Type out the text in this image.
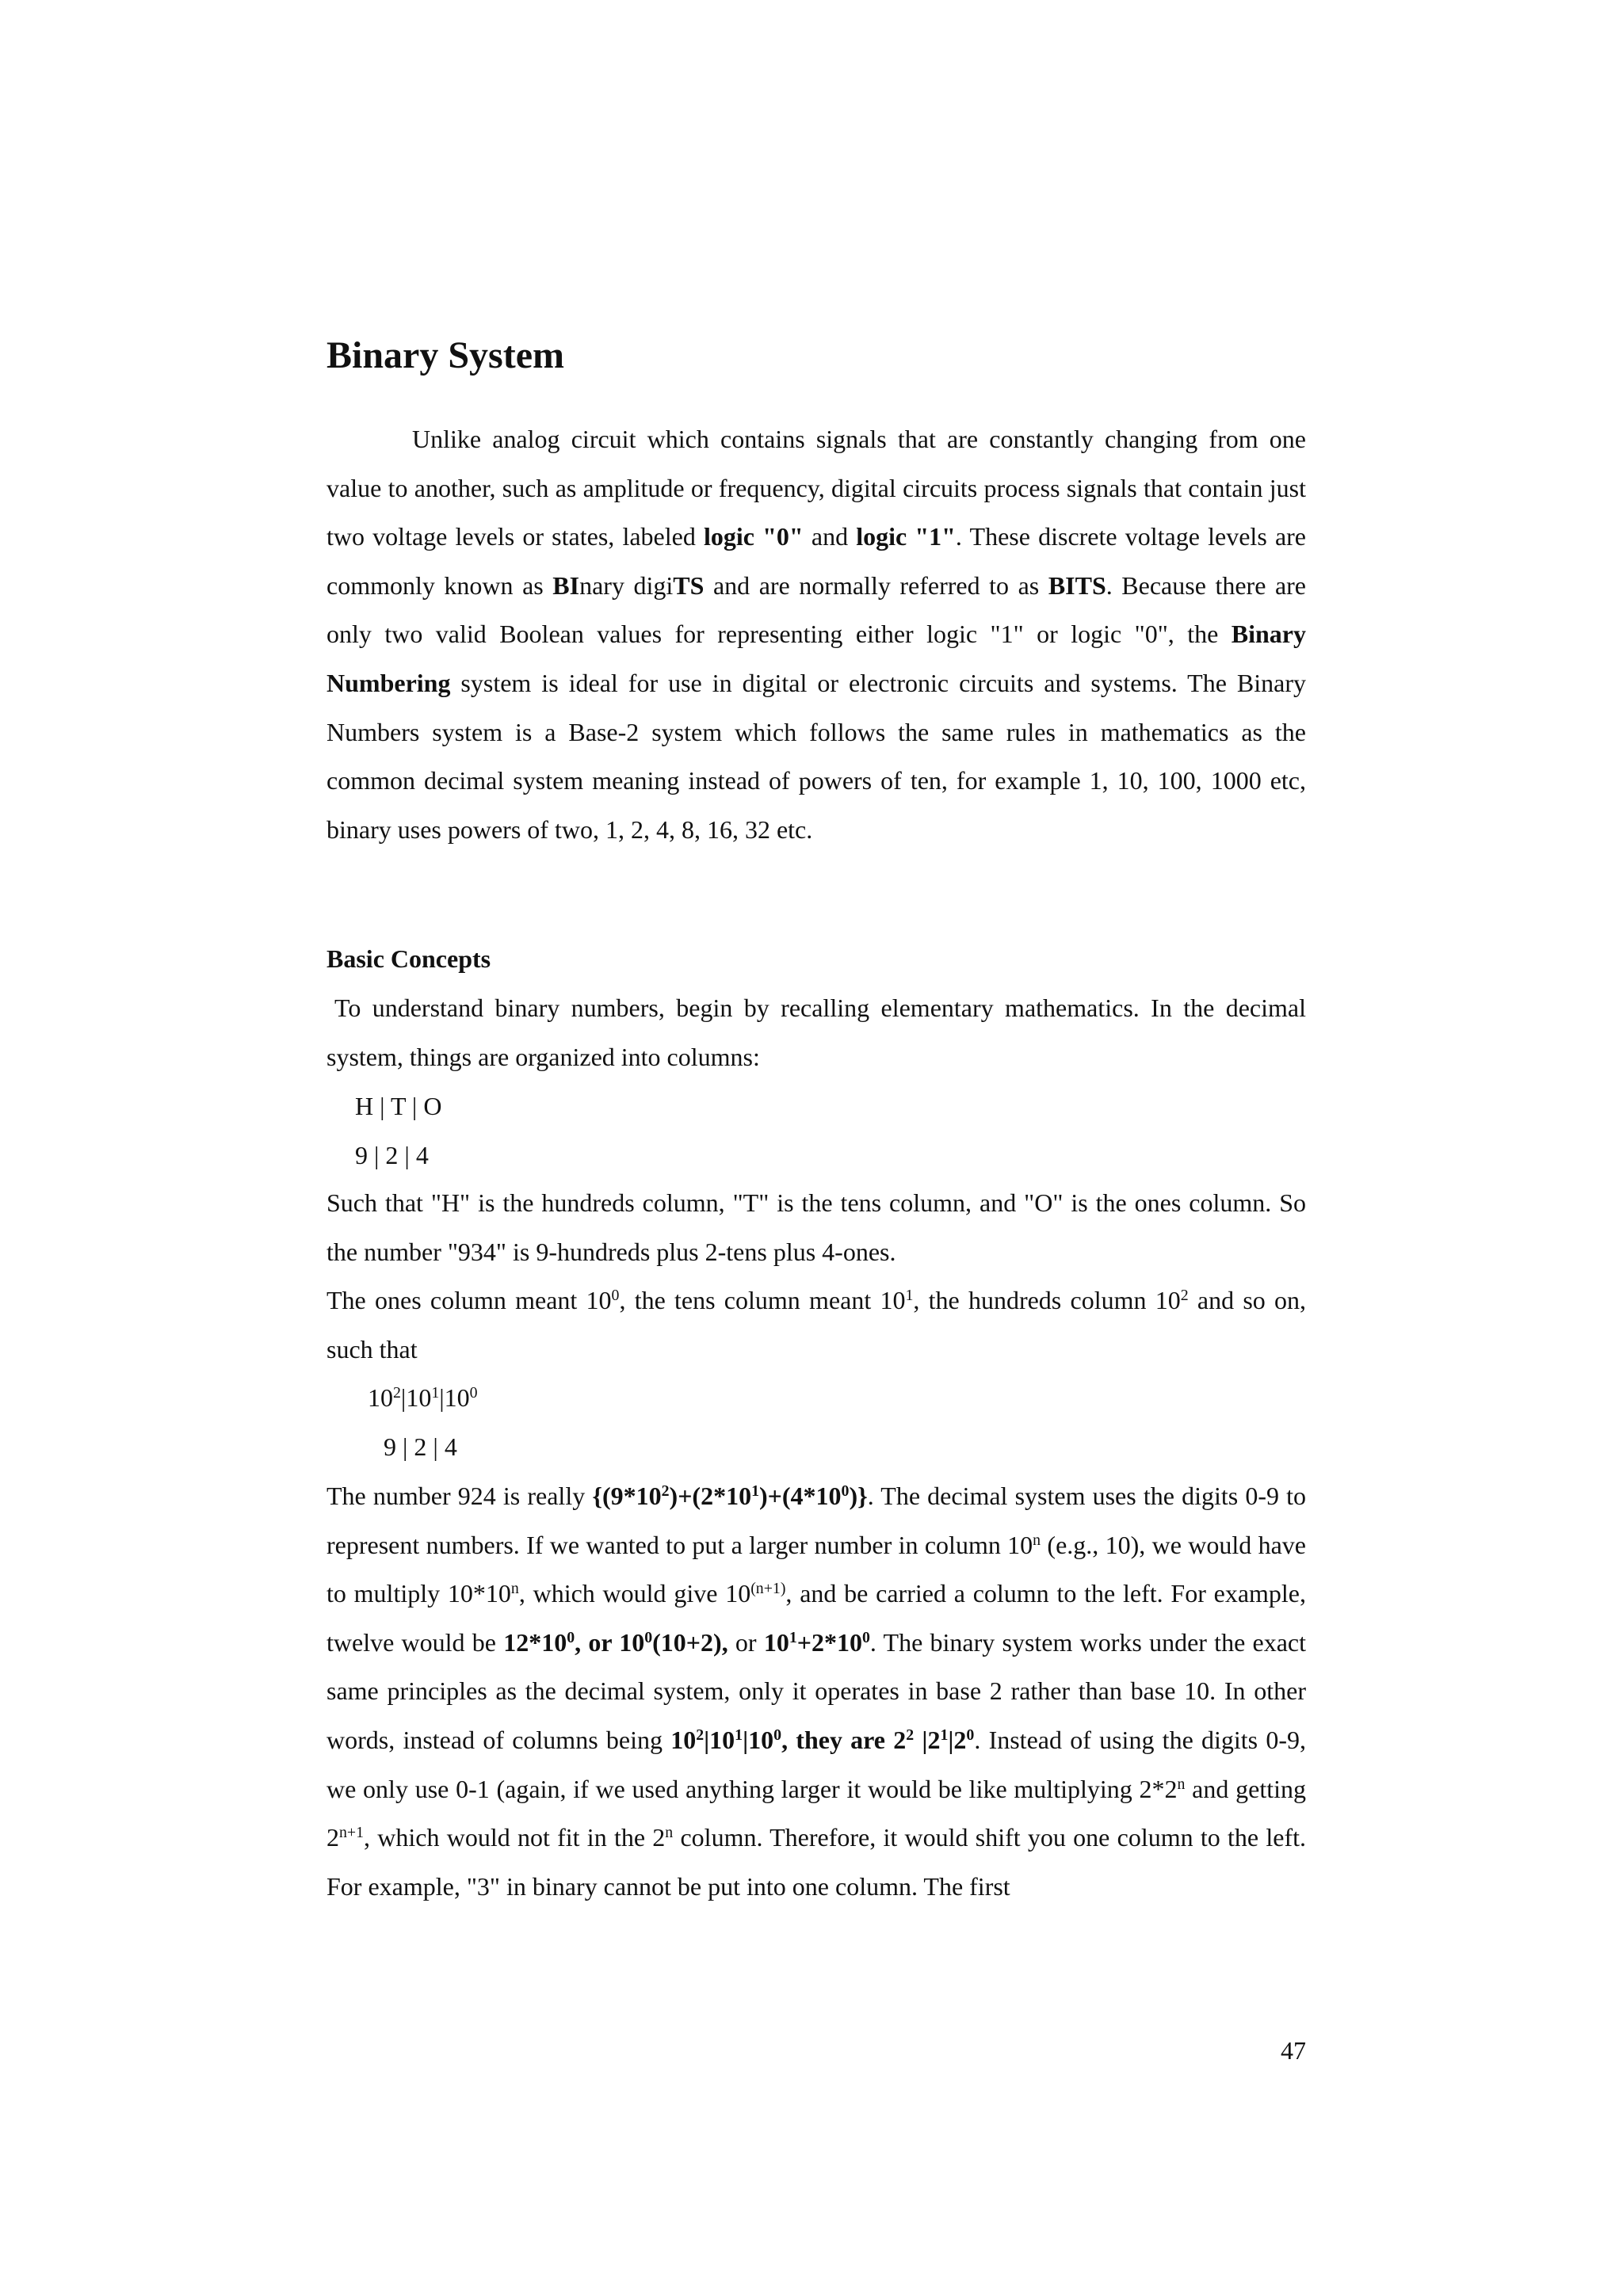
Binary System

Unlike analog circuit which contains signals that are constantly changing from one value to another, such as amplitude or frequency, digital circuits process signals that contain just two voltage levels or states, labeled logic "0" and logic "1". These discrete voltage levels are commonly known as BInary digiTS and are normally referred to as BITS. Because there are only two valid Boolean values for representing either logic "1" or logic "0", the Binary Numbering system is ideal for use in digital or electronic circuits and systems. The Binary Numbers system is a Base-2 system which follows the same rules in mathematics as the common decimal system meaning instead of powers of ten, for example 1, 10, 100, 1000 etc, binary uses powers of two, 1, 2, 4, 8, 16, 32 etc.

Basic Concepts

To understand binary numbers, begin by recalling elementary mathematics. In the decimal system, things are organized into columns:

H | T | O
9 | 2 | 4
Such that "H" is the hundreds column, "T" is the tens column, and "O" is the ones column. So the number "934" is 9-hundreds plus 2-tens plus 4-ones.
The ones column meant $10^0$, the tens column meant $10^1$, the hundreds column $10^2$ and so on, such that
$10^2|10^1|10^0$
9 | 2 | 4

The number 924 is really $\{(9*10^2)+(2*10^1)+(4*10^0)\}$. The decimal system uses the digits 0-9 to represent numbers. If we wanted to put a larger number in column 10$^n$ (e.g., 10), we would have to multiply 10*10$^n$, which would give $10^{(n+1)}$, and be carried a column to the left. For example, twelve would be $12*10^0$, or $10^0(10+2)$, or $10^1+2*10^0$. The binary system works under the exact same principles as the decimal system, only it operates in base 2 rather than base 10. In other words, instead of columns being $10^2|10^1|10^0$, they are $2^2$ $|2^1|2^0$. Instead of using the digits 0-9, we only use 0-1 (again, if we used anything larger it would be like multiplying 2*2$^n$ and getting $2^{n+1}$, which would not fit in the 2$^n$ column. Therefore, it would shift you one column to the left. For example, "3" in binary cannot be put into one column. The first

47
